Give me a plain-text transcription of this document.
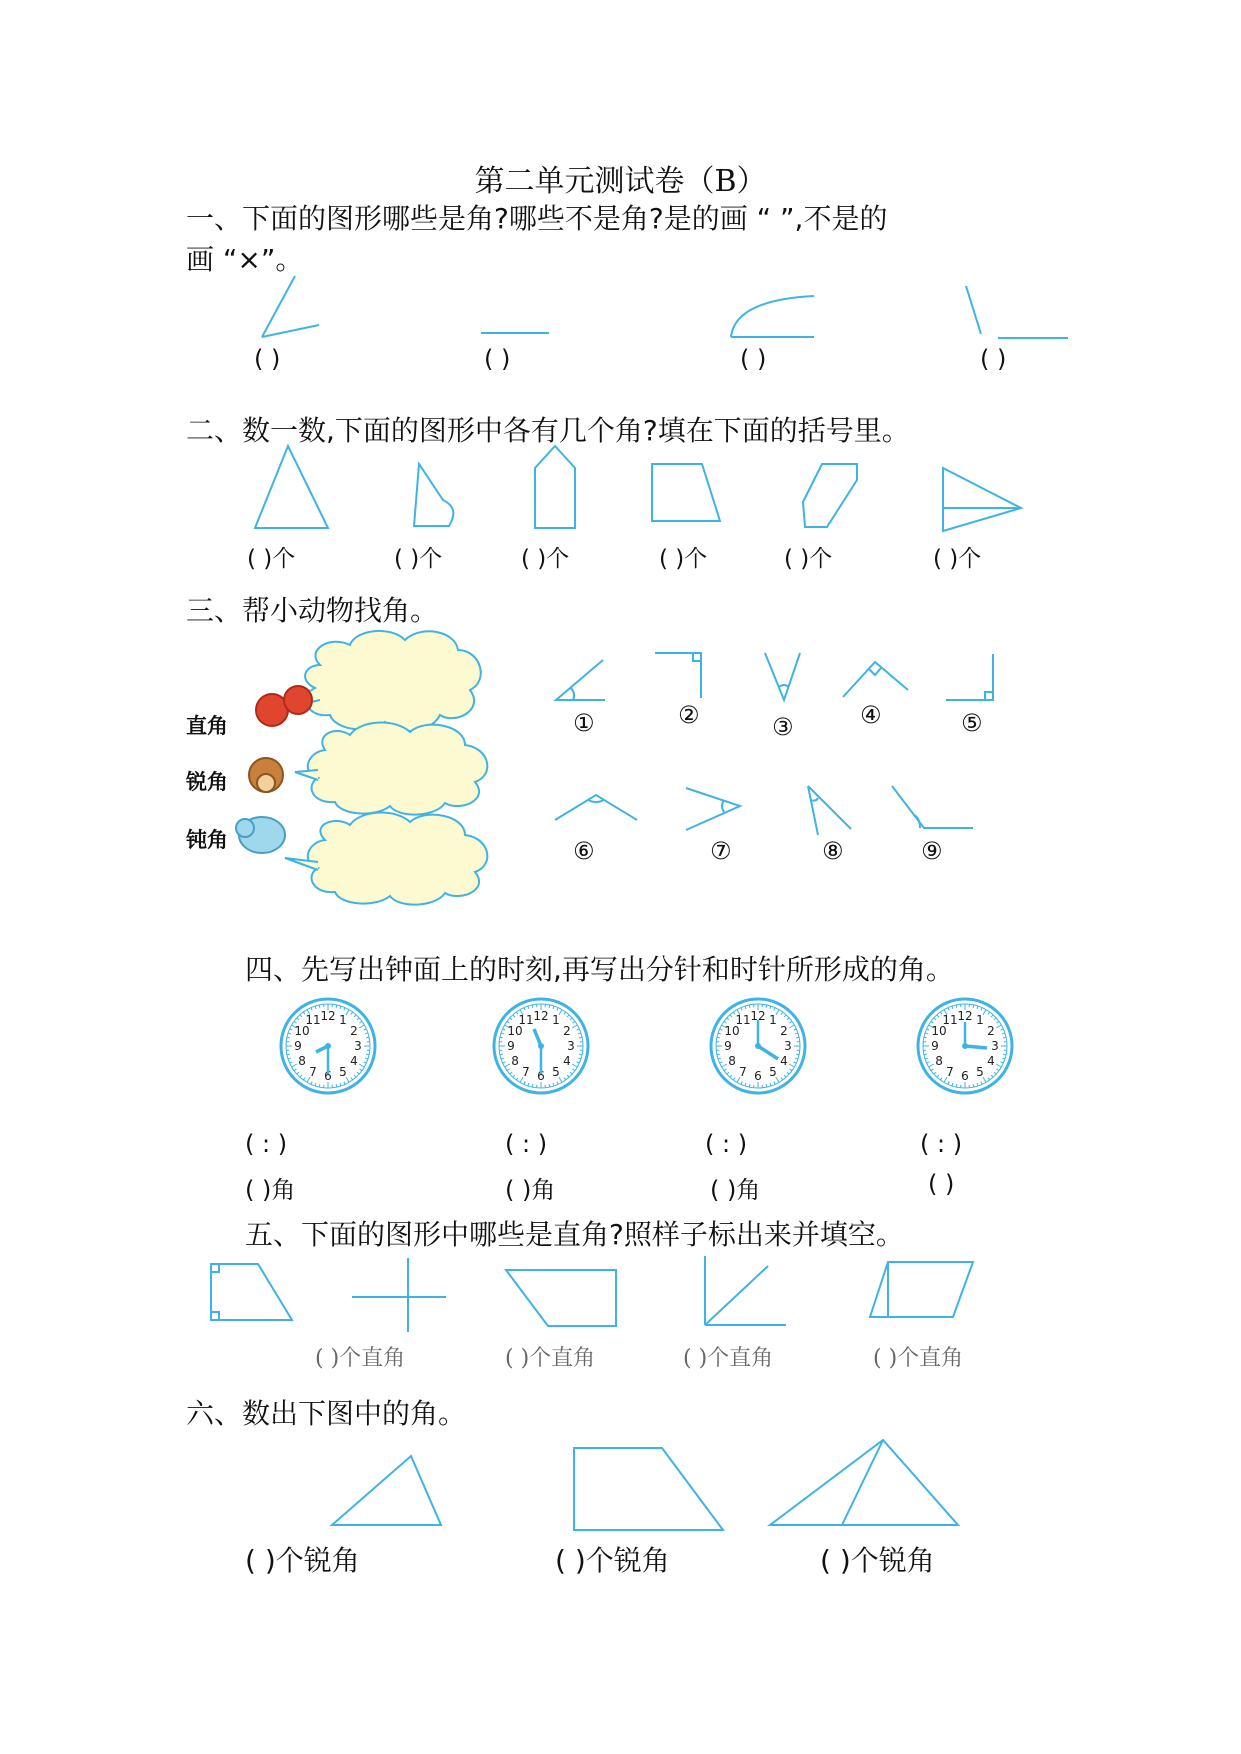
第二单元测试卷（B）
一、下面的图形哪些是角?哪些不是角?是的画 “ ”,不是的
画 “×”。
( )	( )	( )	( )
二、数一数,下面的图形中各有几个角?填在下面的括号里。
( )个	( )个	( )个	( )个	( )个	( )个
三、帮小动物找角。
直角
锐角
钝角
①	②	③	④	⑤
⑥	⑦	⑧	⑨
四、先写出钟面上的时刻,再写出分针和时针所形成的角。
( : )	( : )	( : )	( : )
( )角	( )角	( )角	( )
五、下面的图形中哪些是直角?照样子标出来并填空。
( )个直角	( )个直角	( )个直角	( )个直角
六、数出下图中的角。
( )个锐角	( )个锐角	( )个锐角
12 1
2
3
4
5
6
7
8
9
10
11	12 1
2
3
4
5
6
7
8
9
10
11	12 1
2
3
4
5
6
7
8
9
10
11	12 1
2
3
4
5
6
7
8
9
10
11
